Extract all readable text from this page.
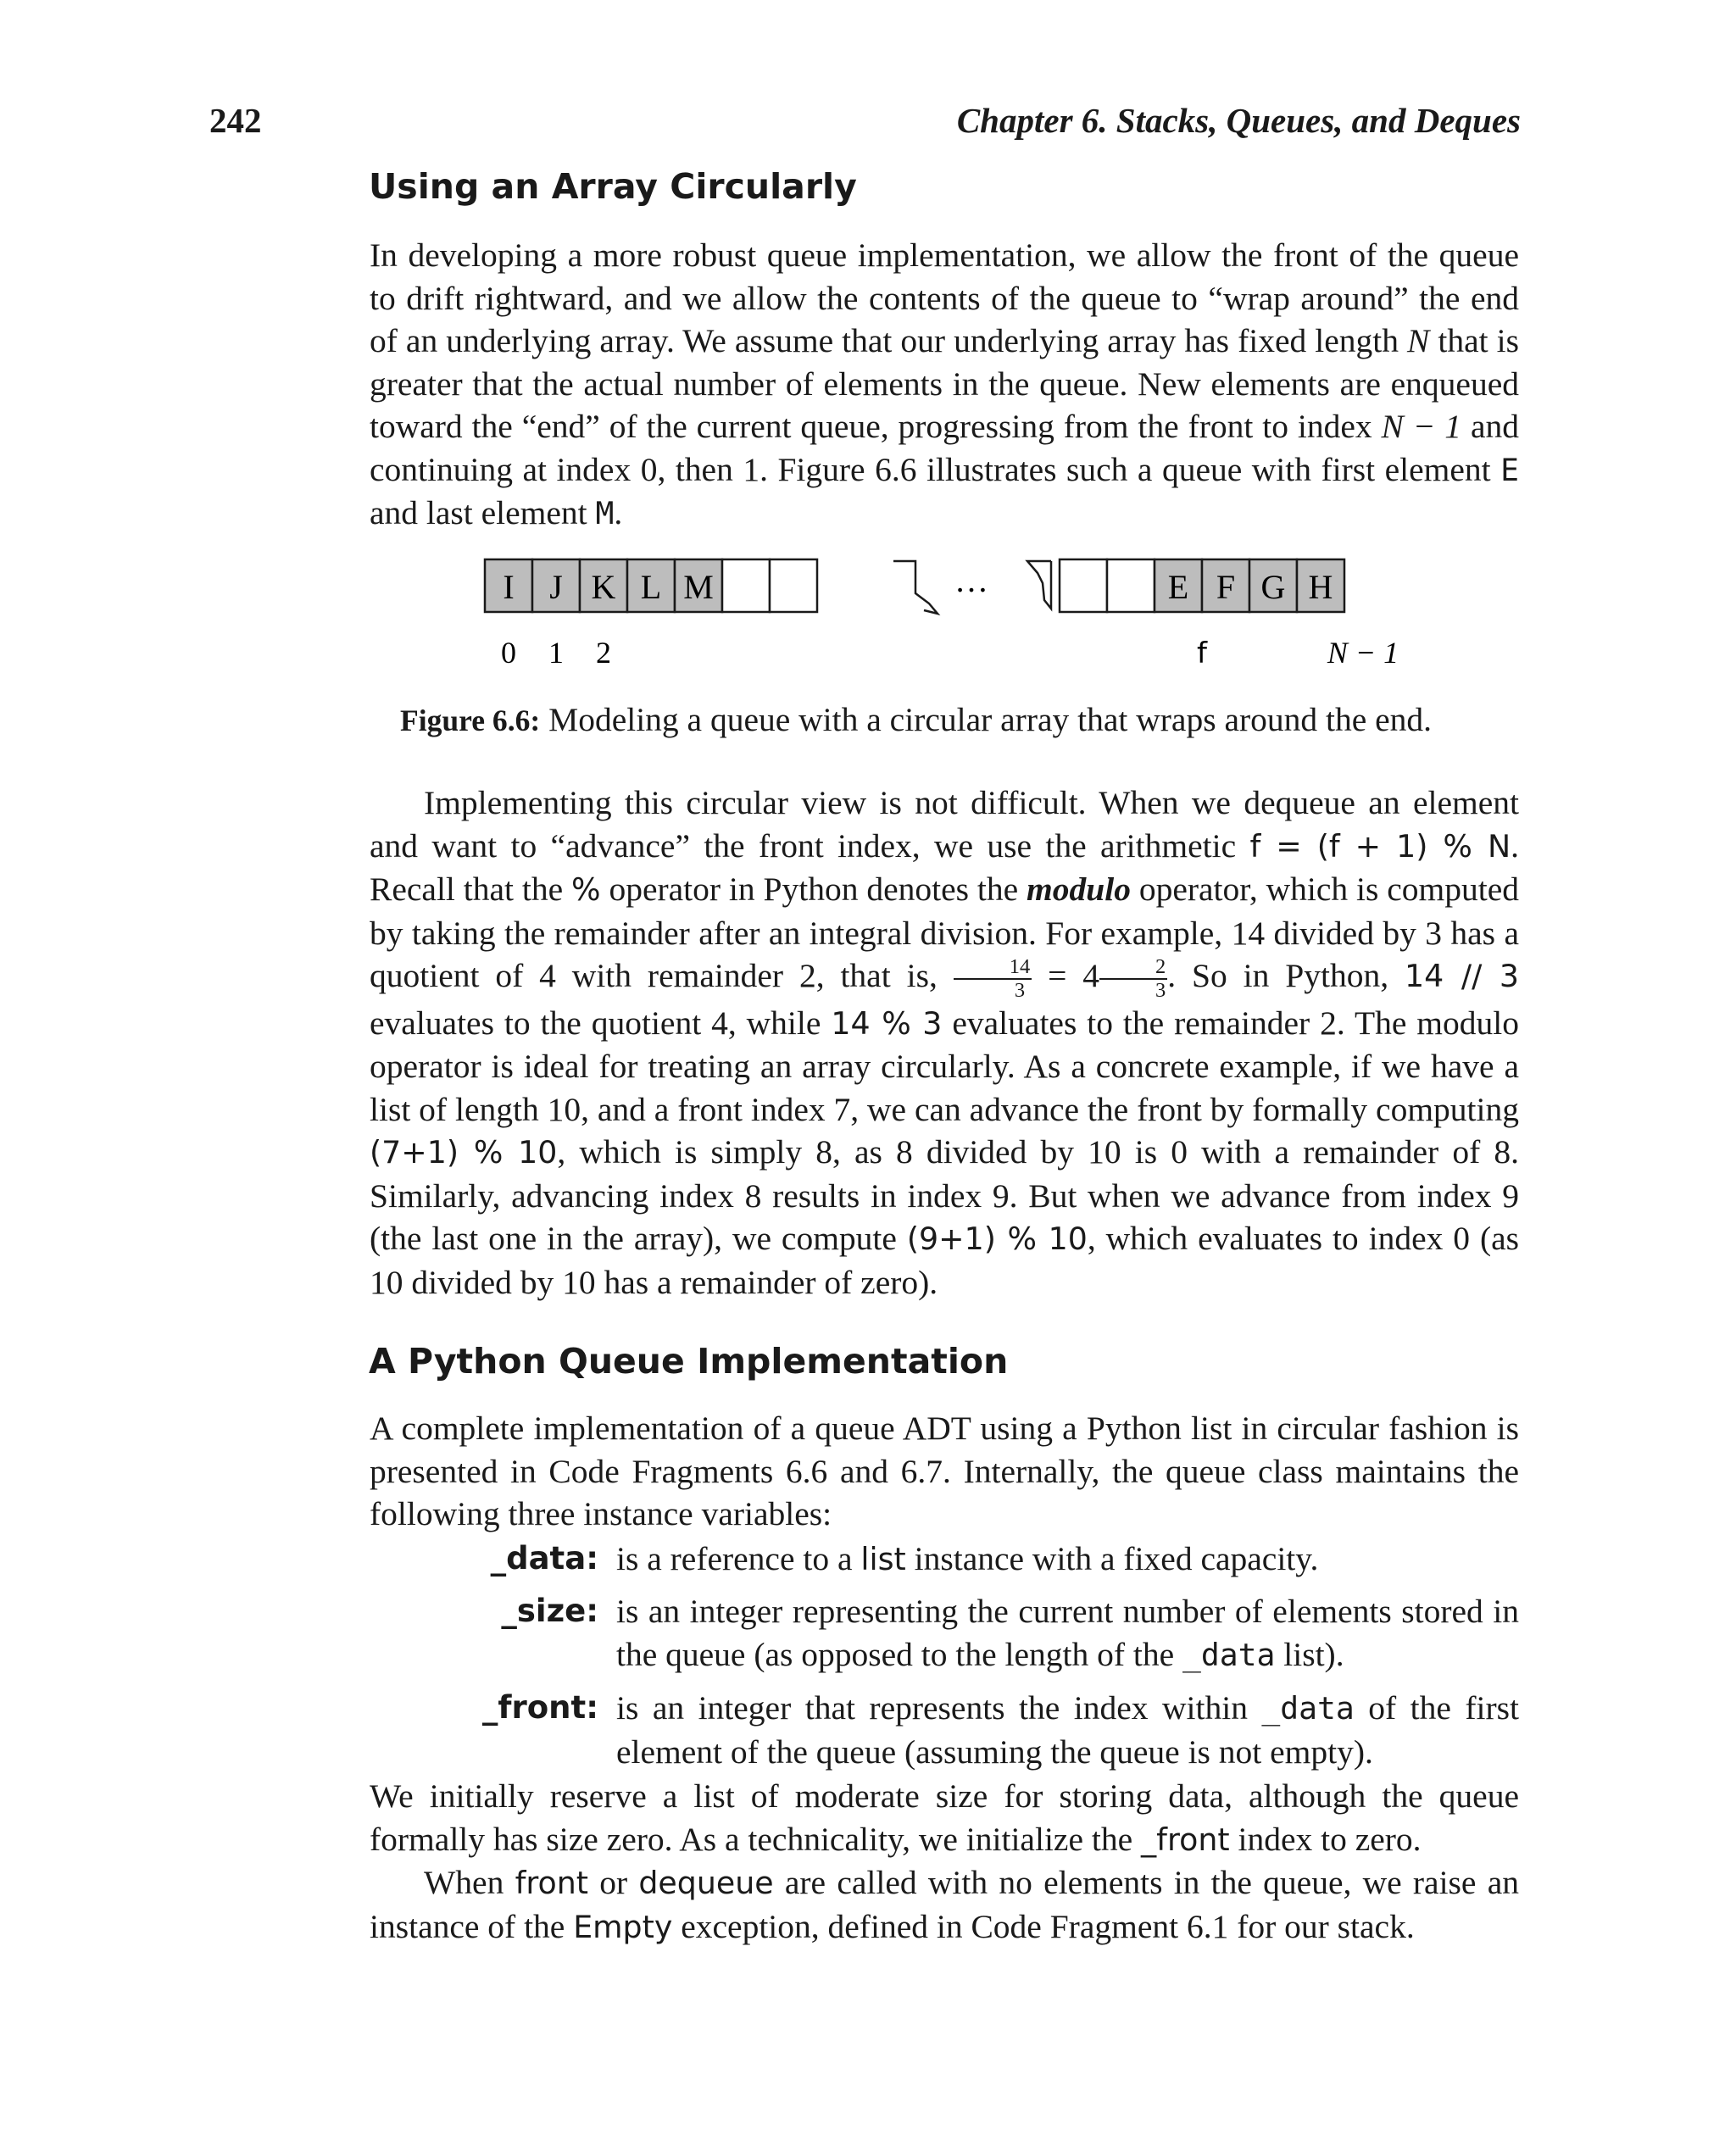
242	Chapter 6. Stacks, Queues, and Deques
Using an Array Circularly

In developing a more robust queue implementation, we allow the front of the queue to drift rightward, and we allow the contents of the queue to “wrap around” the end of an underlying array. We assume that our underlying array has fixed length N that is greater that the actual number of elements in the queue. New elements are enqueued toward the “end” of the current queue, progressing from the front to index N − 1 and continuing at index 0, then 1. Figure 6.6 illustrates such a queue with first element E and last element M.

I J K L M	E F G H
…
0 1 2	f	N − 1
Figure 6.6: Modeling a queue with a circular array that wraps around the end.

Implementing this circular view is not difficult. When we dequeue an element and want to “advance” the front index, we use the arithmetic f = (f + 1) % N. Recall that the % operator in Python denotes the modulo operator, which is computed by taking the remainder after an integral division. For example, 14 divided by 3 has a quotient of 4 with remainder 2, that is, $\frac{14}{3} = 4 \frac{2}{3}$ . So in Python, 14 // 3 evaluates to the quotient 4, while 14 % 3 evaluates to the remainder 2. The modulo operator is ideal for treating an array circularly. As a concrete example, if we have a list of length 10, and a front index 7, we can advance the front by formally computing (7+1) % 10, which is simply 8, as 8 divided by 10 is 0 with a remainder of 8. Similarly, advancing index 8 results in index 9. But when we advance from index 9 (the last one in the array), we compute (9+1) % 10, which evaluates to index 0 (as 10 divided by 10 has a remainder of zero).

A Python Queue Implementation

A complete implementation of a queue ADT using a Python list in circular fashion is presented in Code Fragments 6.6 and 6.7. Internally, the queue class maintains the following three instance variables:

_data: is a reference to a list instance with a fixed capacity.
_size: is an integer representing the current number of elements stored in the queue (as opposed to the length of the _data list).
_front: is an integer that represents the index within _data of the first element of the queue (assuming the queue is not empty).

We initially reserve a list of moderate size for storing data, although the queue formally has size zero. As a technicality, we initialize the _front index to zero.

When front or dequeue are called with no elements in the queue, we raise an instance of the Empty exception, defined in Code Fragment 6.1 for our stack.
